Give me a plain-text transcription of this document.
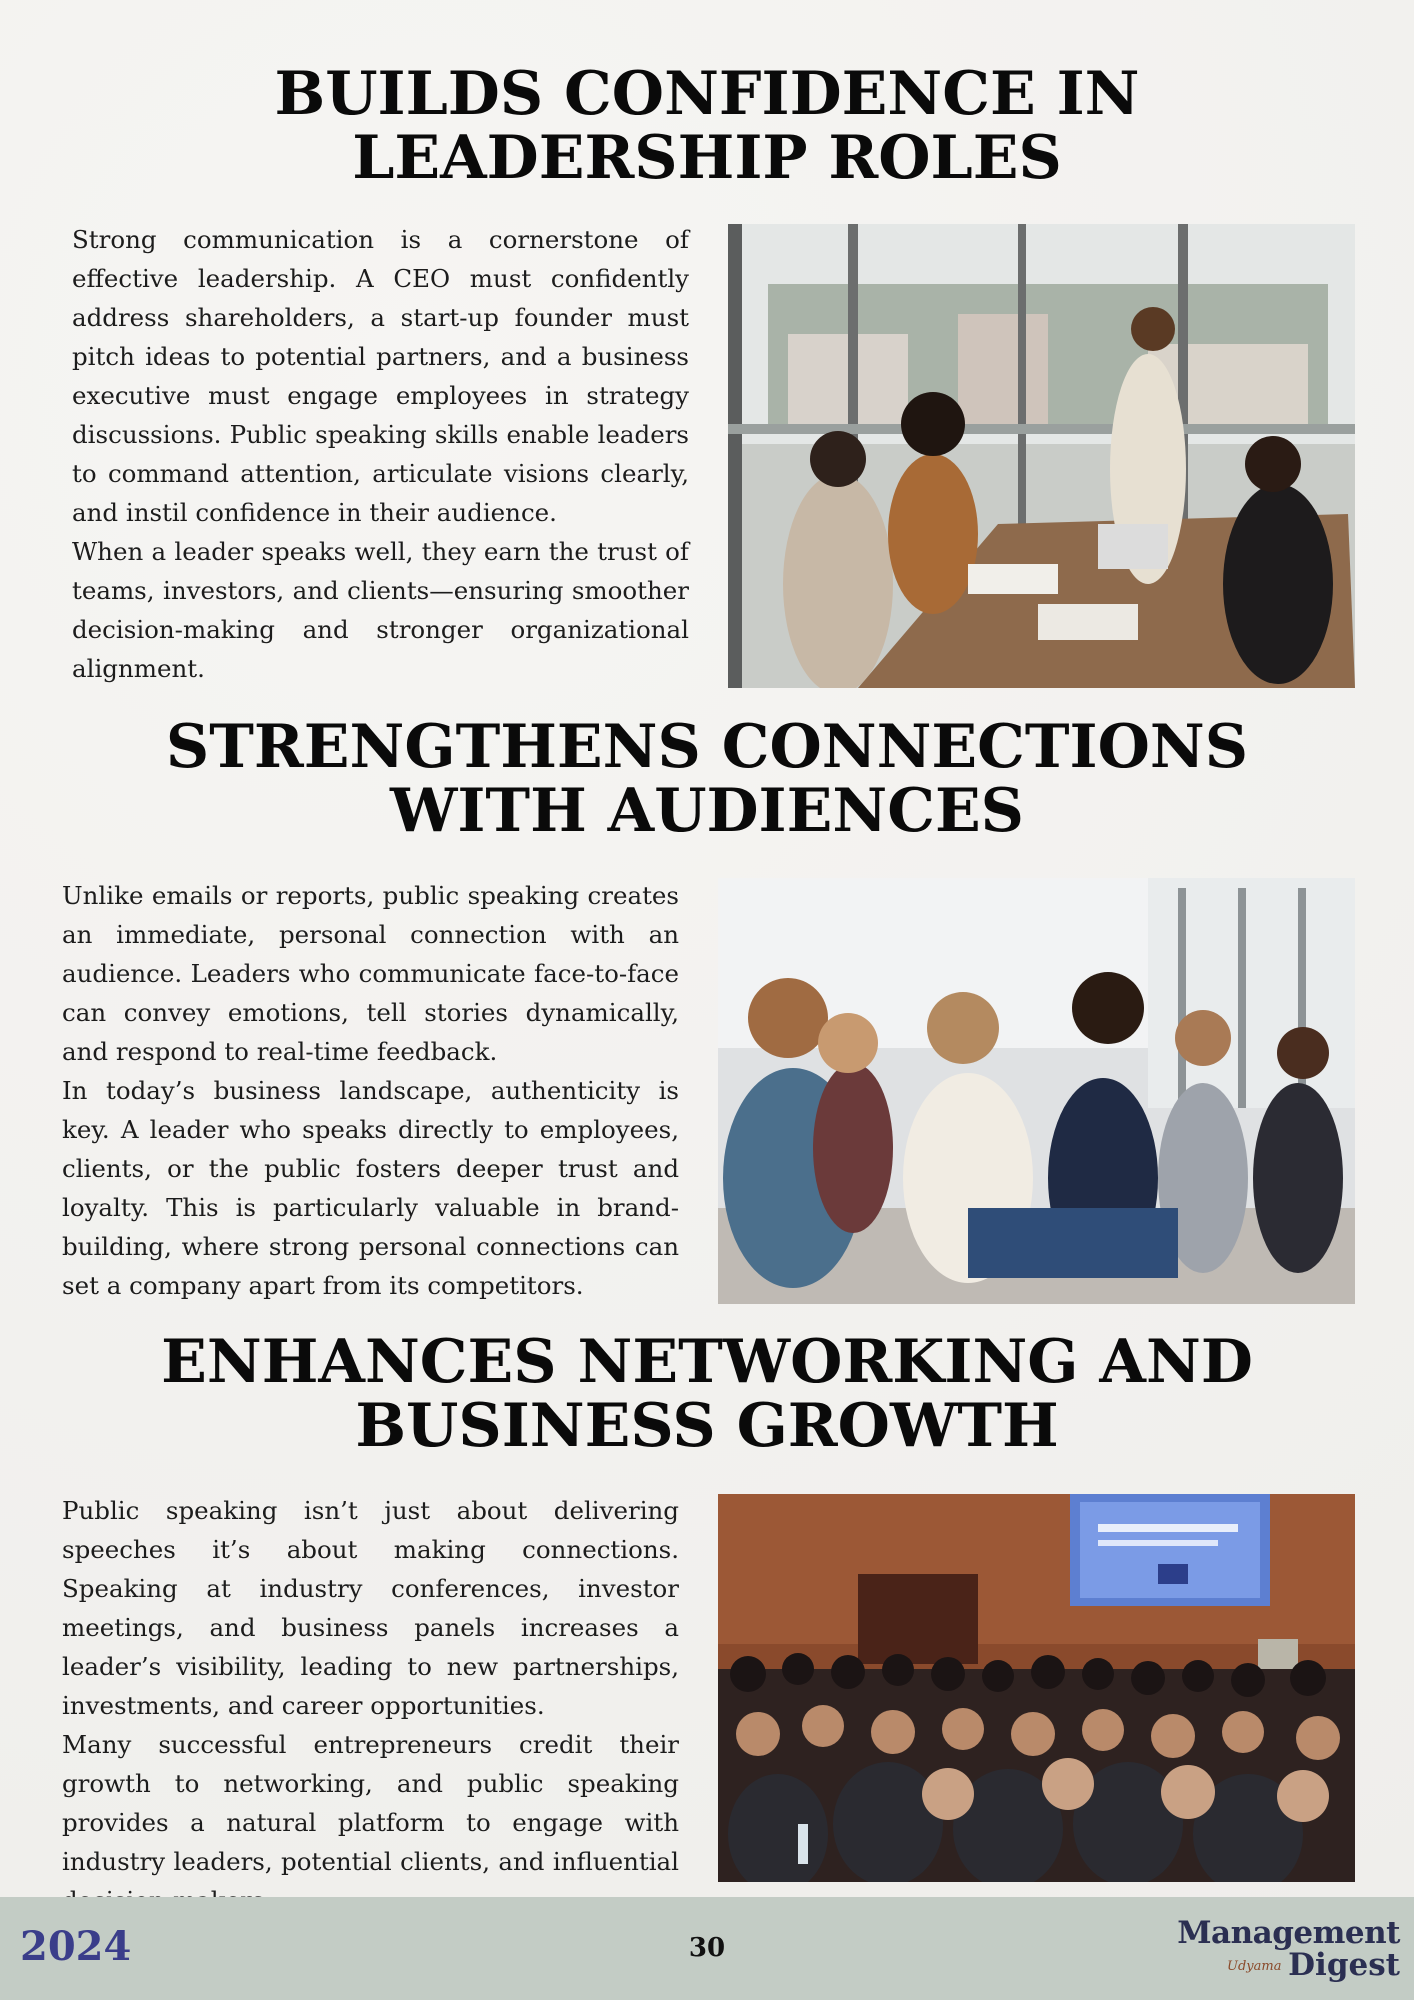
BUILDS CONFIDENCE IN
LEADERSHIP ROLES

Strong communication is a cornerstone of effective leadership. A CEO must confidently address shareholders, a start-up founder must pitch ideas to potential partners, and a business executive must engage employees in strategy discussions. Public speaking skills enable leaders to command attention, articulate visions clearly, and instil confidence in their audience.

When a leader speaks well, they earn the trust of teams, investors, and clients—ensuring smoother decision-making and stronger organizational alignment.

STRENGTHENS CONNECTIONS
WITH AUDIENCES

Unlike emails or reports, public speaking creates an immediate, personal connection with an audience. Leaders who communicate face-to-face can convey emotions, tell stories dynamically, and respond to real-time feedback.

In today’s business landscape, authenticity is key. A leader who speaks directly to employees, clients, or the public fosters deeper trust and loyalty. This is particularly valuable in brand-building, where strong personal connections can set a company apart from its competitors.

ENHANCES NETWORKING AND
BUSINESS GROWTH

Public speaking isn’t just about delivering speeches it’s about making connections. Speaking at industry conferences, investor meetings, and business panels increases a leader’s visibility, leading to new partnerships, investments, and career opportunities.

Many successful entrepreneurs credit their growth to networking, and public speaking provides a natural platform to engage with industry leaders, potential clients, and influential

2024	30	Management
Digest
Udyama
